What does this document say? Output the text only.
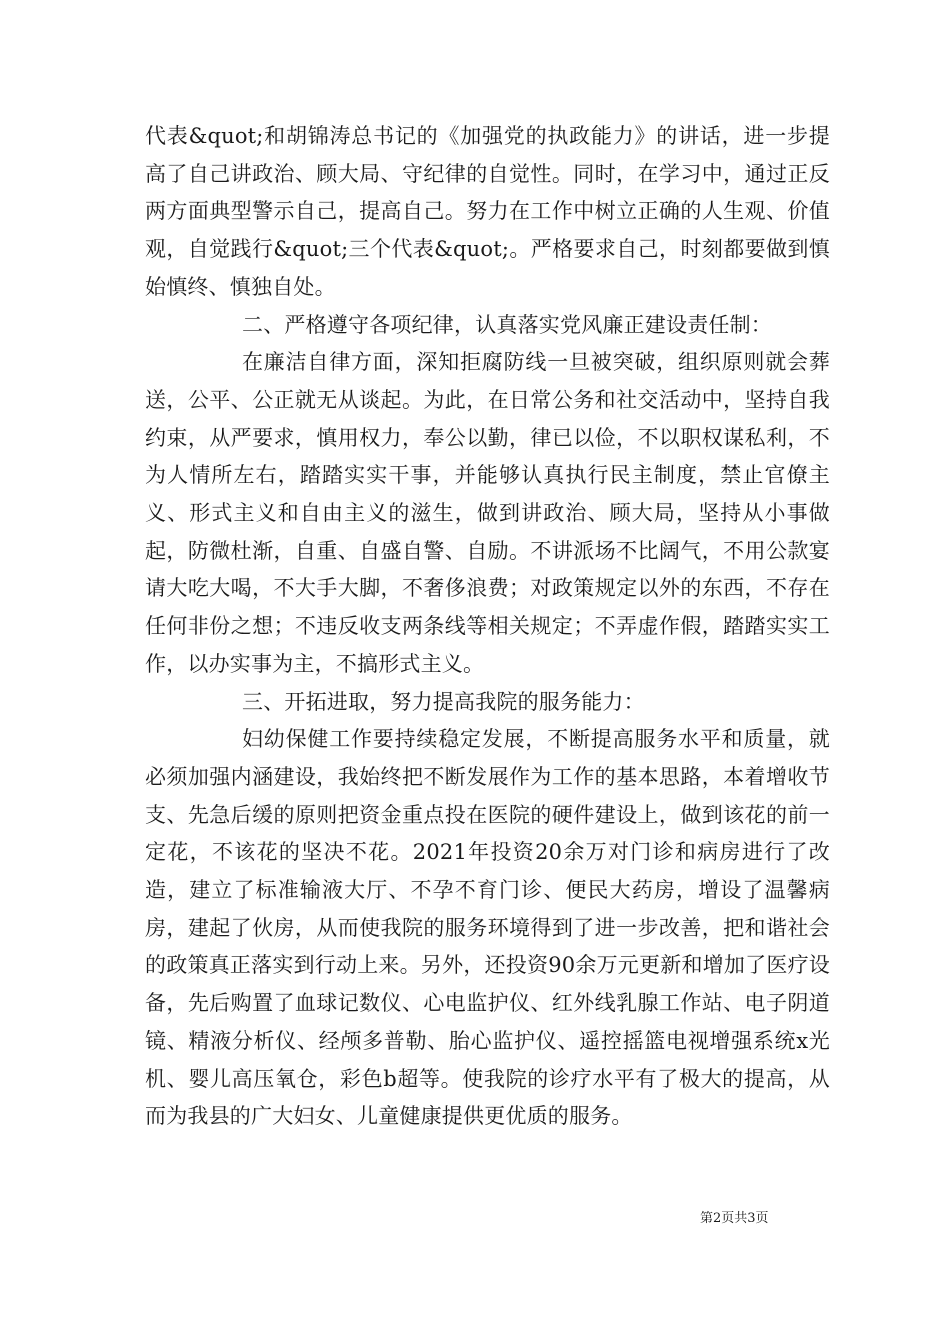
代表&quot;和胡锦涛总书记的《加强党的执政能力》的讲话，进一步提高了自己讲政治、顾大局、守纪律的自觉性。同时，在学习中，通过正反两方面典型警示自己，提高自己。努力在工作中树立正确的人生观、价值观，自觉践行&quot;三个代表&quot;。严格要求自己，时刻都要做到慎始慎终、慎独自处。

二、严格遵守各项纪律，认真落实党风廉正建设责任制：

在廉洁自律方面，深知拒腐防线一旦被突破，组织原则就会葬送，公平、公正就无从谈起。为此，在日常公务和社交活动中，坚持自我约束，从严要求，慎用权力，奉公以勤，律已以俭，不以职权谋私利，不为人情所左右，踏踏实实干事，并能够认真执行民主制度，禁止官僚主义、形式主义和自由主义的滋生，做到讲政治、顾大局，坚持从小事做起，防微杜渐，自重、自盛自警、自励。不讲派场不比阔气，不用公款宴请大吃大喝，不大手大脚，不奢侈浪费；对政策规定以外的东西，不存在任何非份之想；不违反收支两条线等相关规定；不弄虚作假，踏踏实实工作，以办实事为主，不搞形式主义。

三、开拓进取，努力提高我院的服务能力：

妇幼保健工作要持续稳定发展，不断提高服务水平和质量，就必须加强内涵建设，我始终把不断发展作为工作的基本思路，本着增收节支、先急后缓的原则把资金重点投在医院的硬件建设上，做到该花的前一定花，不该花的坚决不花。2021年投资20余万对门诊和病房进行了改造，建立了标准输液大厅、不孕不育门诊、便民大药房，增设了温馨病房，建起了伙房，从而使我院的服务环境得到了进一步改善，把和谐社会的政策真正落实到行动上来。另外，还投资90余万元更新和增加了医疗设备，先后购置了血球记数仪、心电监护仪、红外线乳腺工作站、电子阴道镜、精液分析仪、经颅多普勒、胎心监护仪、遥控摇篮电视增强系统x光机、婴儿高压氧仓，彩色b超等。使我院的诊疗水平有了极大的提高，从而为我县的广大妇女、儿童健康提供更优质的服务。

第2页共3页
